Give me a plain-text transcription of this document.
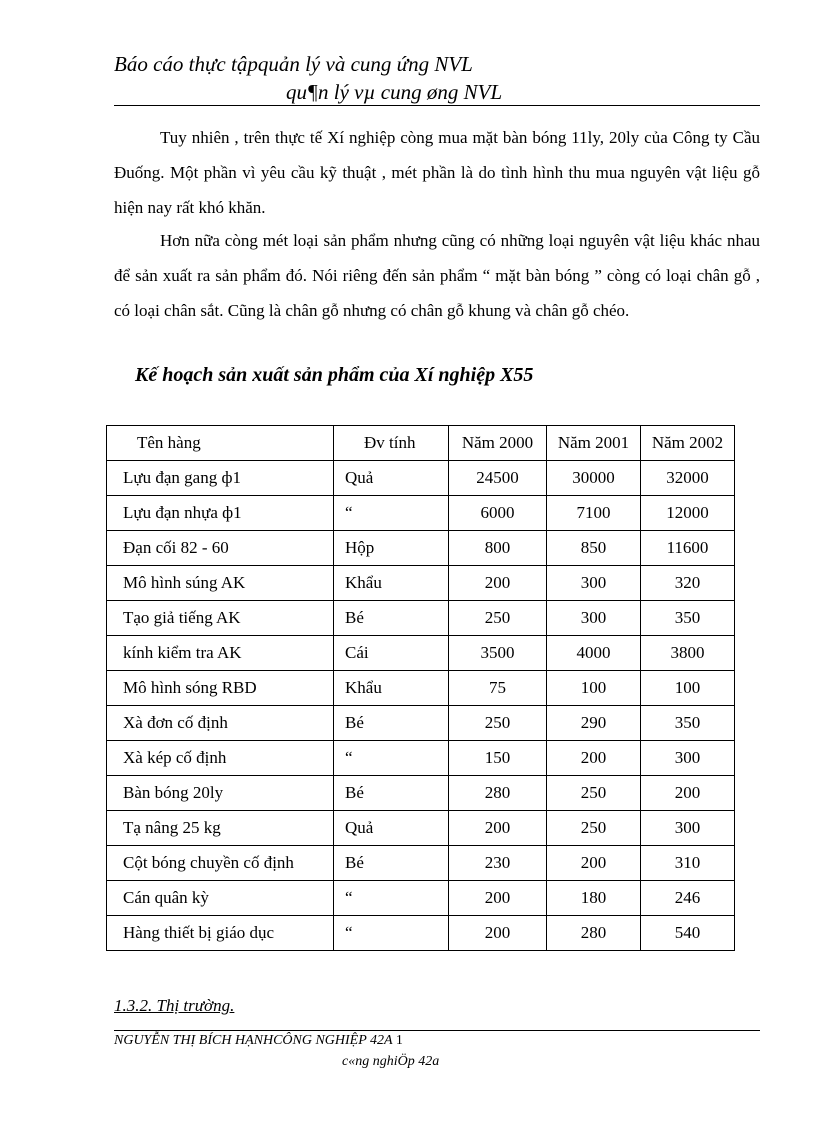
Báo cáo thực tậpquản lý và cung ứng NVL
qu¶n lý vµ cung øng NVL
Tuy nhiên , trên thực tế Xí nghiệp còng mua mặt bàn bóng 11ly, 20ly của Công ty Cầu Đuống. Một phần vì yêu cầu kỹ thuật , mét phần là do tình hình thu mua nguyên vật liệu gỗ hiện nay rất khó khăn.
Hơn nữa còng mét loại sản phẩm nhưng cũng có những loại nguyên vật liệu khác nhau để sản xuất ra sản phẩm đó. Nói riêng đến sản phẩm “ mặt bàn bóng ” còng có loại chân gỗ , có loại chân sắt. Cũng là chân gỗ nhưng có chân gỗ khung và chân gỗ chéo.
Kế hoạch sản xuất sản phẩm của Xí nghiệp X55
Tên hàng	Đv tính	Năm 2000	Năm 2001	Năm 2002
Lựu đạn gang ф1	Quả	24500	30000	32000
Lựu đạn nhựa ф1	“	6000	7100	12000
Đạn cối 82 - 60	Hộp	800	850	11600
Mô hình súng AK	Khẩu	200	300	320
Tạo giả tiếng AK	Bé	250	300	350
kính kiểm tra AK	Cái	3500	4000	3800
Mô hình sóng RBD	Khẩu	75	100	100
Xà đơn cố định	Bé	250	290	350
Xà kép cố định	“	150	200	300
Bàn bóng 20ly	Bé	280	250	200
Tạ nâng 25 kg	Quả	200	250	300
Cột bóng chuyền cố định	Bé	230	200	310
Cán quân kỳ	“	200	180	246
Hàng thiết bị giáo dục	“	200	280	540
1.3.2. Thị trường.
NGUYỄN THỊ BÍCH HẠNHCÔNG NGHIỆP 42A 1
c«ng nghiÖp 42a
